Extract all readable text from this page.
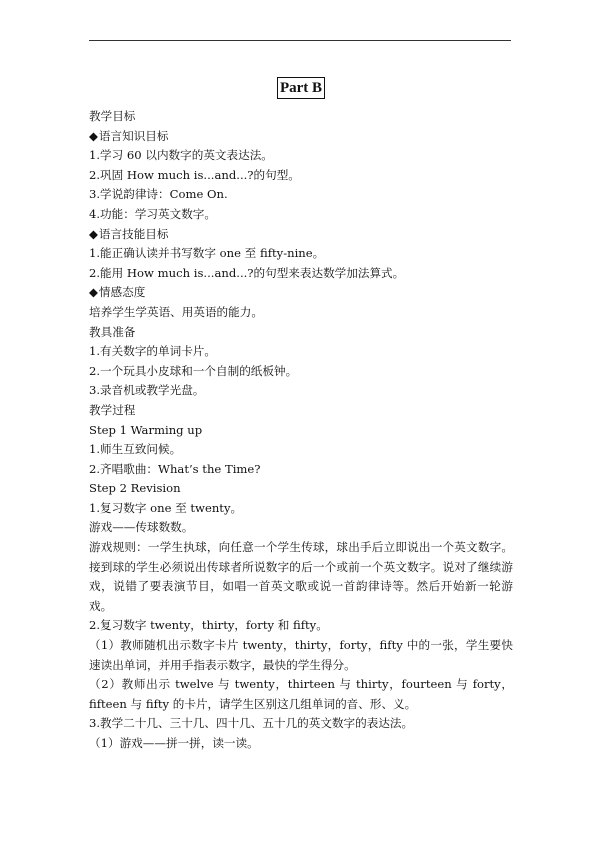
Part B
教学目标
◆ 语言知识目标
1.学习 60 以内数字的英文表达法。
2.巩固 How much is...and...?的句型。
3.学说韵律诗：Come On.
4.功能：学习英文数字。
◆ 语言技能目标
1.能正确认读并书写数字 one 至 fifty-nine。
2.能用 How much is...and...?的句型来表达数学加法算式。
◆ 情感态度
培养学生学英语、用英语的能力。
教具准备
1.有关数字的单词卡片。
2.一个玩具小皮球和一个自制的纸板钟。
3.录音机或教学光盘。
教学过程
Step 1 Warming up
1.师生互致问候。
2.齐唱歌曲：What’s the Time?
Step 2 Revision
1.复习数字 one 至 twenty。
游戏——传球数数。
游戏规则：一学生执球，向任意一个学生传球，球出手后立即说出一个英文数字。接到球的学生必须说出传球者所说数字的后一个或前一个英文数字。说对了继续游戏，说错了要表演节目，如唱一首英文歌或说一首韵律诗等。然后开始新一轮游戏。
2.复习数字 twenty，thirty，forty 和 fifty。
（1）教师随机出示数字卡片 twenty，thirty，forty，fifty 中的一张，学生要快速读出单词，并用手指表示数字，最快的学生得分。
（2）教师出示 twelve 与 twenty，thirteen 与 thirty，fourteen 与 forty，fifteen 与 fifty 的卡片，请学生区别这几组单词的音、形、义。
3.教学二十几、三十几、四十几、五十几的英文数字的表达法。
（1）游戏——拼一拼，读一读。
